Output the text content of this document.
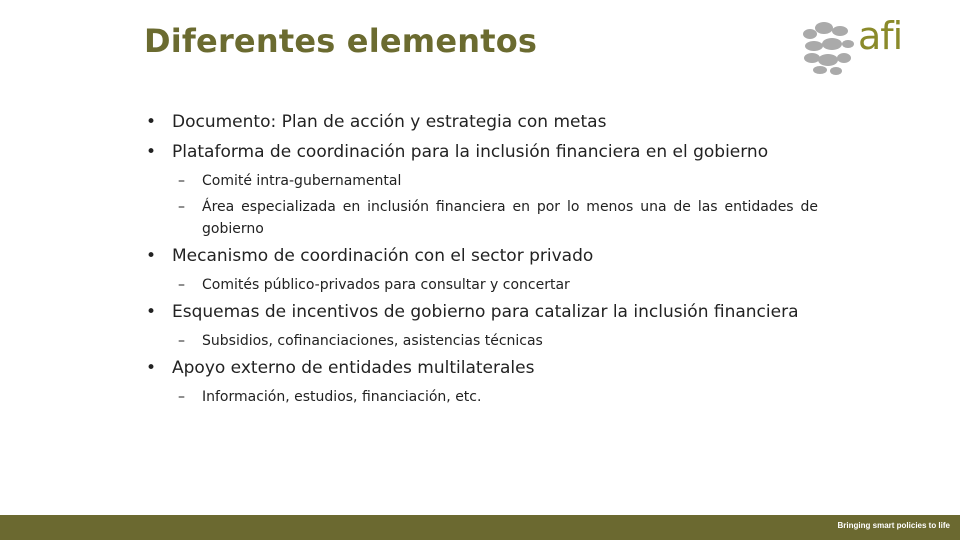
Diferentes elementos	afi
• Documento: Plan de acción y estrategia con metas
• Plataforma de coordinación para la inclusión financiera en el gobierno
– Comité intra-gubernamental
– Área especializada en inclusión financiera en por lo menos una de las entidades de gobierno
• Mecanismo de coordinación con el sector privado
– Comités público-privados para consultar y concertar
• Esquemas de incentivos de gobierno para catalizar la inclusión financiera
– Subsidios, cofinanciaciones, asistencias técnicas
• Apoyo externo de entidades multilaterales
– Información, estudios, financiación, etc.
Bringing smart policies to life
